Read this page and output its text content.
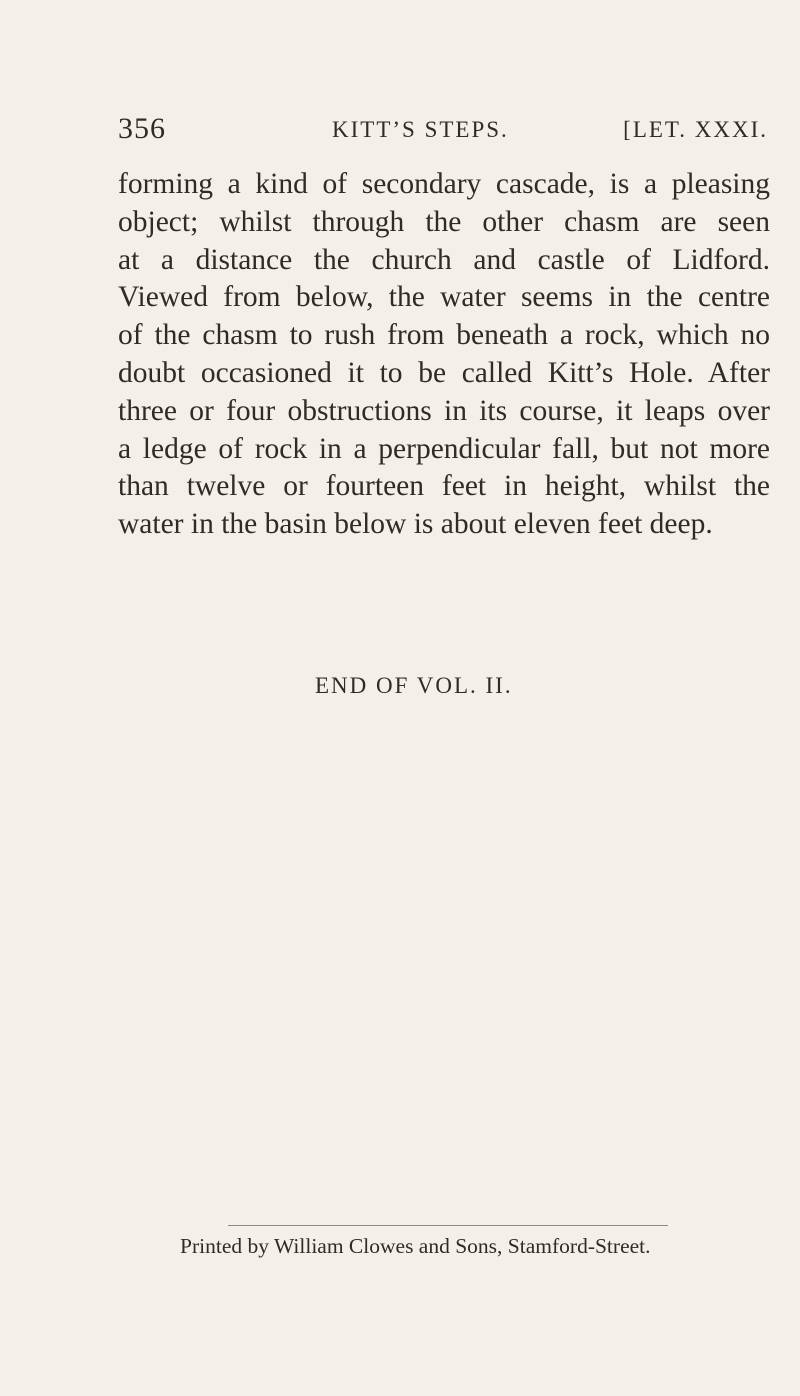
356	KITT’S STEPS.	[LET. XXXI.
forming a kind of secondary cascade, is a pleasing
object; whilst through the other chasm are seen
at a distance the church and castle of Lidford.
Viewed from below, the water seems in the centre
of the chasm to rush from beneath a rock, which no
doubt occasioned it to be called Kitt’s Hole. After
three or four obstructions in its course, it leaps over
a ledge of rock in a perpendicular fall, but not more
than twelve or fourteen feet in height, whilst the
water in the basin below is about eleven feet deep.
END OF VOL. II.
Printed by William Clowes and Sons, Stamford-Street.
